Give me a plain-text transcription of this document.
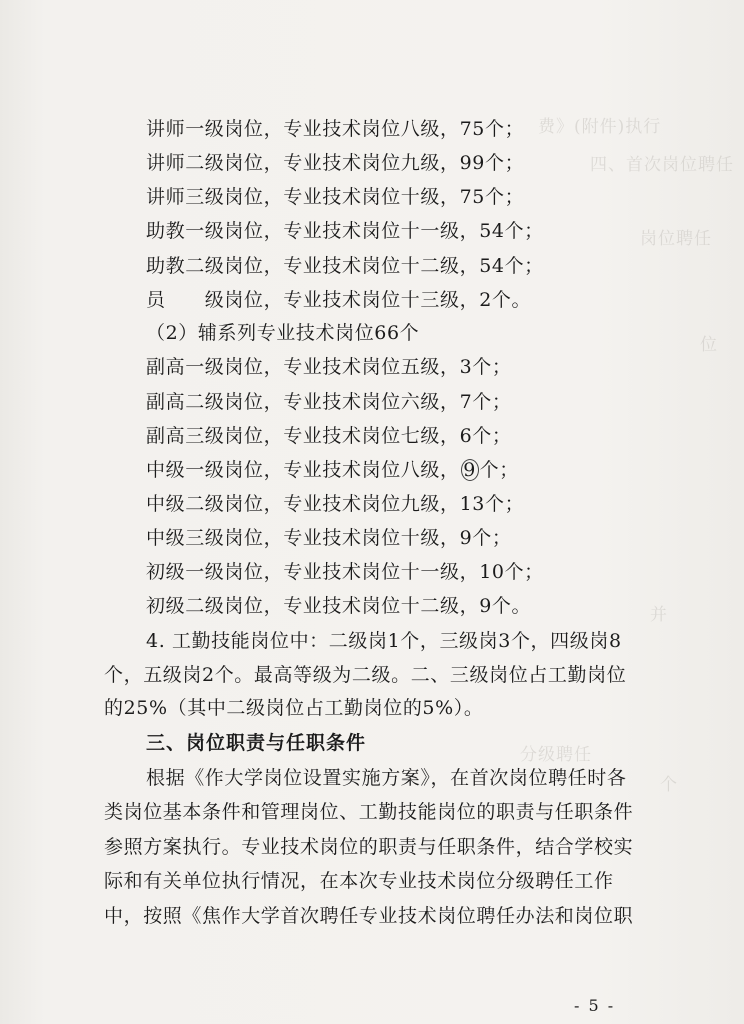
费》(附件)执行
四、首次岗位聘任
岗位聘任
位
并
分级聘任
个
讲师一级岗位，专业技术岗位八级，75个；
讲师二级岗位，专业技术岗位九级，99个；
讲师三级岗位，专业技术岗位十级，75个；
助教一级岗位，专业技术岗位十一级，54个；
助教二级岗位，专业技术岗位十二级，54个；
员　　级岗位，专业技术岗位十三级，2个。
（2）辅系列专业技术岗位66个
副高一级岗位，专业技术岗位五级，3个；
副高二级岗位，专业技术岗位六级，7个；
副高三级岗位，专业技术岗位七级，6个；
中级一级岗位，专业技术岗位八级， 9 个；
中级二级岗位，专业技术岗位九级，13个；
中级三级岗位，专业技术岗位十级，9个；
初级一级岗位，专业技术岗位十一级，10个；
初级二级岗位，专业技术岗位十二级，9个。
4. 工勤技能岗位中：二级岗1个，三级岗3个，四级岗8
个，五级岗2个。最高等级为二级。二、三级岗位占工勤岗位
的25%（其中二级岗位占工勤岗位的5%）。
三、岗位职责与任职条件
根据《作大学岗位设置实施方案》，在首次岗位聘任时各
类岗位基本条件和管理岗位、工勤技能岗位的职责与任职条件
参照方案执行。专业技术岗位的职责与任职条件，结合学校实
际和有关单位执行情况，在本次专业技术岗位分级聘任工作
中，按照《焦作大学首次聘任专业技术岗位聘任办法和岗位职
- 5 -
